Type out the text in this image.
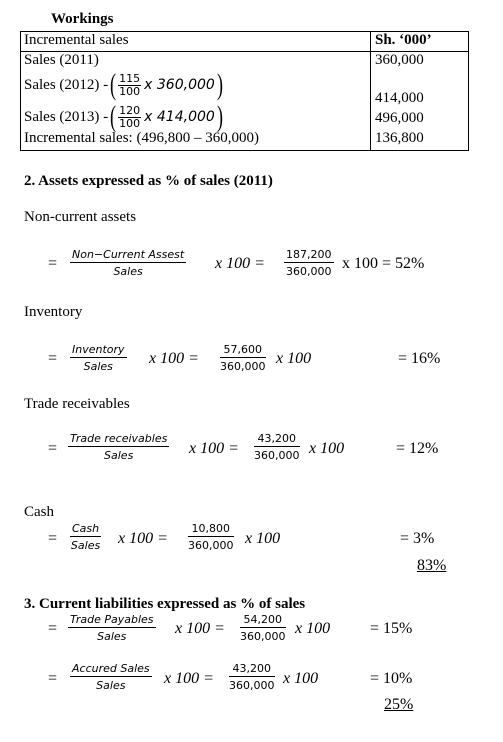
Workings
Incremental sales	Sh. ‘000’
Sales (2011)	360,000
Sales (2012) - ( $\frac{115}{100}$ x 360,000 )	414,000
Sales (2013) - ( $\frac{120}{100}$ x 414,000 )	496,000
Incremental sales: (496,800 – 360,000)	136,800
2. Assets expressed as % of sales (2011)
Non-current assets
=
Non−Current Assest
Sales	x $100 = \frac{187,200}{360,000}$ x 100 = 52%
Inventory
=
Inventory
Sales	x $100 = \frac{57,600}{360,000}$ x 100	= 16%
Trade receivables
=
Trade receivables
Sales	x $100 = \frac{43,200}{360,000}$ x 100	= 12%
Cash
=
Cash
Sales x $100 = \frac{10,800}{360,000}$ x 100	= 3%
83%
3. Current liabilities expressed as % of sales
=
Trade Payables
Sales	x $100 = \frac{54,200}{360,000}$ x 100 = 15%
=
Accured Sales
Sales	x $100 = \frac{43,200}{360,000}$ x 100	= 10%
25%
